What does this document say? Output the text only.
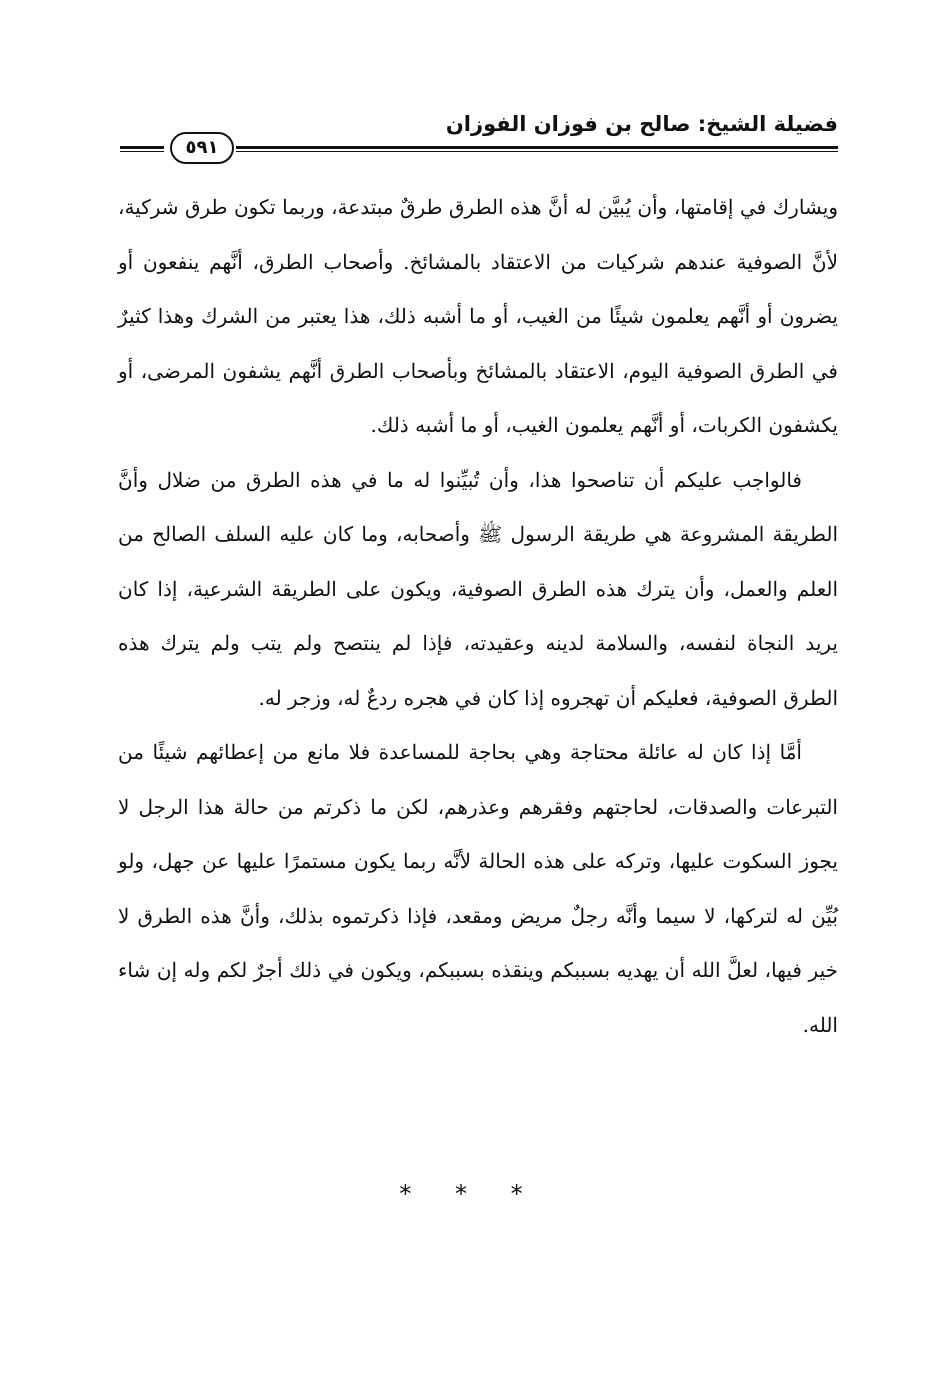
فضيلة الشيخ: صالح بن فوزان الفوزان
٥٩١

ويشارك في إقامتها، وأن يُبيَّن له أنَّ هذه الطرق طرقٌ مبتدعة، وربما تكون طرق شركية، لأنَّ الصوفية عندهم شركيات من الاعتقاد بالمشائخ. وأصحاب الطرق، أنَّهم ينفعون أو يضرون أو أنَّهم يعلمون شيئًا من الغيب، أو ما أشبه ذلك، هذا يعتبر من الشرك وهذا كثيرٌ في الطرق الصوفية اليوم، الاعتقاد بالمشائخ وبأصحاب الطرق أنَّهم يشفون المرضى، أو يكشفون الكربات، أو أنَّهم يعلمون الغيب، أو ما أشبه ذلك.

فالواجب عليكم أن تناصحوا هذا، وأن تُبيِّنوا له ما في هذه الطرق من ضلال وأنَّ الطريقة المشروعة هي طريقة الرسول ﷺ وأصحابه، وما كان عليه السلف الصالح من العلم والعمل، وأن يترك هذه الطرق الصوفية، ويكون على الطريقة الشرعية، إذا كان يريد النجاة لنفسه، والسلامة لدينه وعقيدته، فإذا لم ينتصح ولم يتب ولم يترك هذه الطرق الصوفية، فعليكم أن تهجروه إذا كان في هجره ردعٌ له، وزجر له.

أمَّا إذا كان له عائلة محتاجة وهي بحاجة للمساعدة فلا مانع من إعطائهم شيئًا من التبرعات والصدقات، لحاجتهم وفقرهم وعذرهم، لكن ما ذكرتم من حالة هذا الرجل لا يجوز السكوت عليها، وتركه على هذه الحالة لأنَّه ربما يكون مستمرًا عليها عن جهل، ولو بُيِّن له لتركها، لا سيما وأنَّه رجلٌ مريض ومقعد، فإذا ذكرتموه بذلك، وأنَّ هذه الطرق لا خير فيها، لعلَّ الله أن يهديه بسببكم وينقذه بسببكم، ويكون في ذلك أجرٌ لكم وله إن شاء الله.

* * *
